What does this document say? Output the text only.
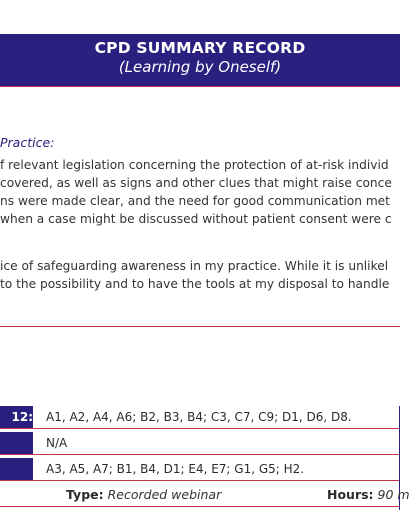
CPD SUMMARY RECORD
(Learning by Oneself)
Practice:
f relevant legislation concerning the protection of at-risk individ
covered, as well as signs and other clues that might raise conce
ns were made clear, and the need for good communication met
when a case might be discussed without patient consent were c
ice of safeguarding awareness in my practice. While it is unlikel
to the possibility and to have the tools at my disposal to handle
12: A1, A2, A4, A6; B2, B3, B4; C3, C7, C9; D1, D6, D8.
N/A
A3, A5, A7; B1, B4, D1; E4, E7; G1, G5; H2.
Type: Recorded webinar	Hours: 90 m
